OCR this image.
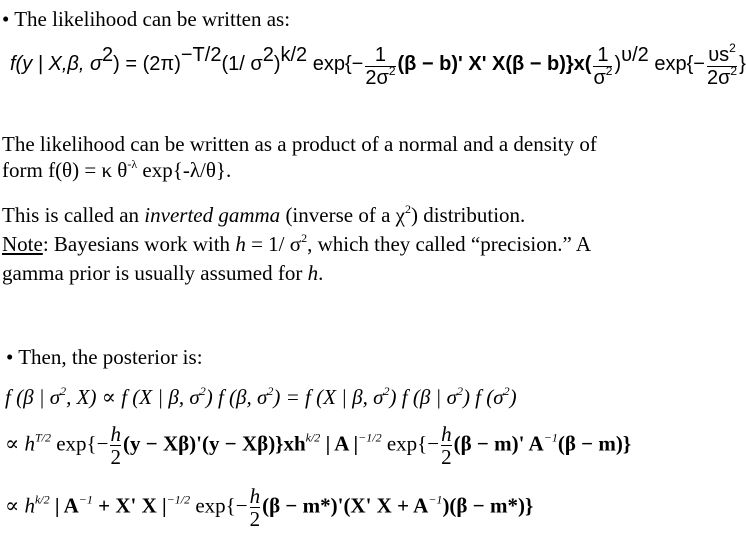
• The likelihood can be written as:
f(y | X,β, $\sigma^2) = (2\pi)^{-T/2}(1/$ $\sigma^2)^{k/2}$ $\exp\{- \frac{1}{2\sigma^2} (\beta - b)'$ X' $X(\beta - b)\}x( \frac{1}{\sigma^2} )^{\upsilon/2}$ $\exp\{- \frac{\upsilon s^2}{2\sigma^2}$ }
The likelihood can be written as a product of a normal and a density of
form f(θ) = κ $\theta^{-\lambda}$ exp{-λ/θ}.
This is called an inverted gamma (inverse of a $\chi^2$) distribution.
Note: Bayesians work with h = 1/ $\sigma^2$, which they called “precision.” A
gamma prior is usually assumed for h.
• Then, the posterior is:
f (β | $\sigma^2$, X) ∝ f (X | β, $\sigma^2$) f (β, $\sigma^2) = f$ (X | β, $\sigma^2$) f (β | $\sigma^2$) f $(\sigma^2)$
∝ $h^{T/2}$ $\exp\{- \frac{h}{2} (y - X\beta)'(y - X\beta)\}xh^{k/2}$ | A $|^{-1/2}$ $\exp\{- \frac{h}{2} (\beta - m)'$ $A^{-1}(\beta - m)$}
∝ $h^{k/2}$ | $A^{-1} + X'$ X $|^{-1/2}$ $\exp\{- \frac{h}{2} (\beta - m*)'(X'$ $X + A^{-1})(\beta - m*)$}
